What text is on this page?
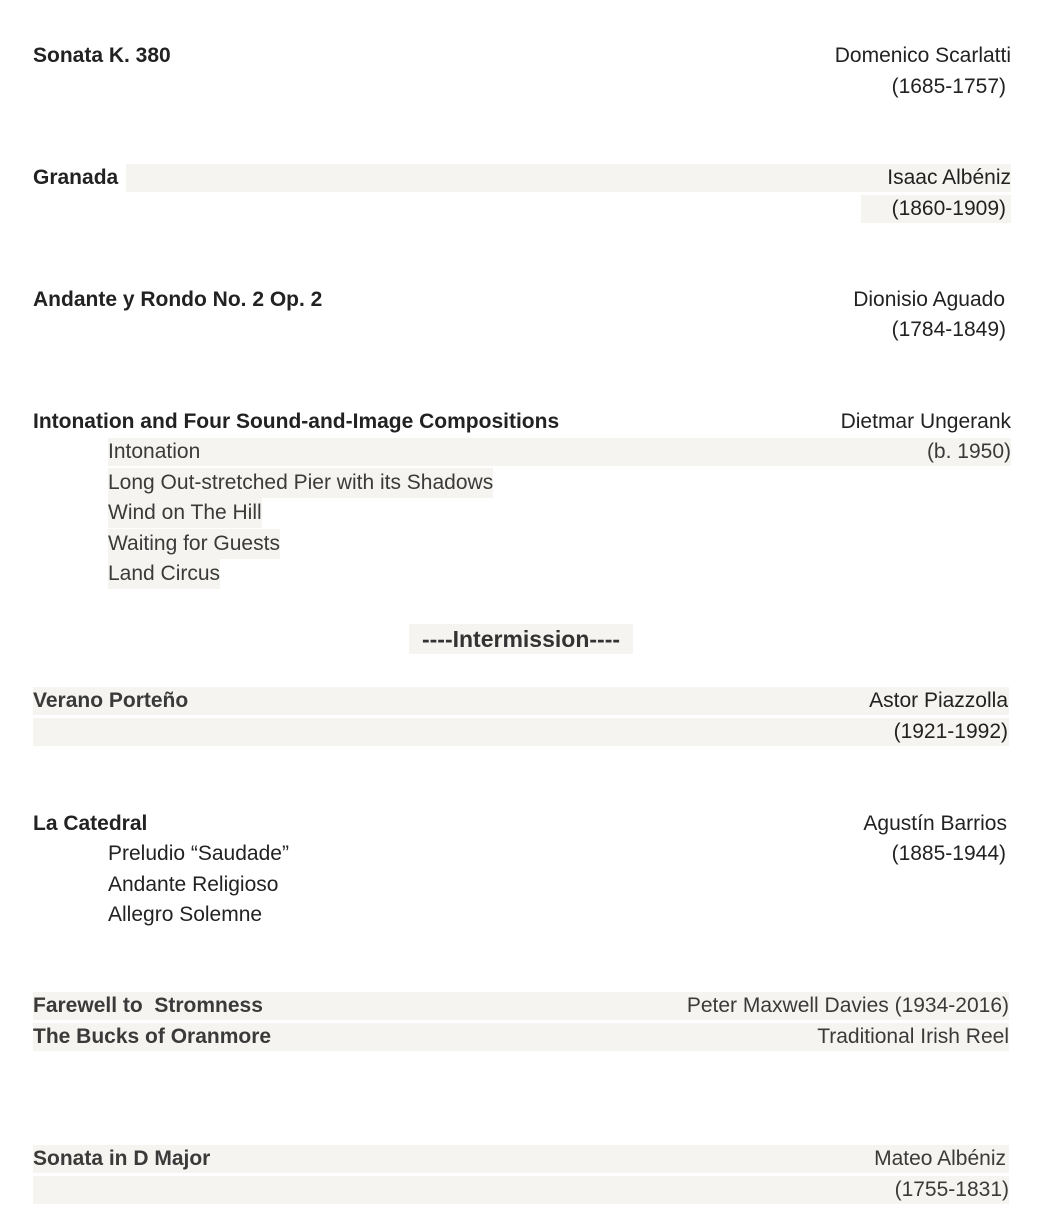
Sonata K. 380	Domenico Scarlatti
(1685-1757)
Granada	Isaac Albéniz
(1860-1909)
Andante y Rondo No. 2 Op. 2	Dionisio Aguado
(1784-1849)
Intonation and Four Sound-and-Image Compositions	Dietmar Ungerank
Intonation	(b. 1950)
Long Out-stretched Pier with its Shadows
Wind on The Hill
Waiting for Guests
Land Circus
----Intermission----
Verano Porteño	Astor Piazzolla
(1921-1992)
La Catedral	Agustín Barrios
Preludio “Saudade”	(1885-1944)
Andante Religioso
Allegro Solemne
Farewell to  Stromness	Peter Maxwell Davies (1934-2016)
The Bucks of Oranmore	Traditional Irish Reel
Sonata in D Major	Mateo Albéniz
(1755-1831)
